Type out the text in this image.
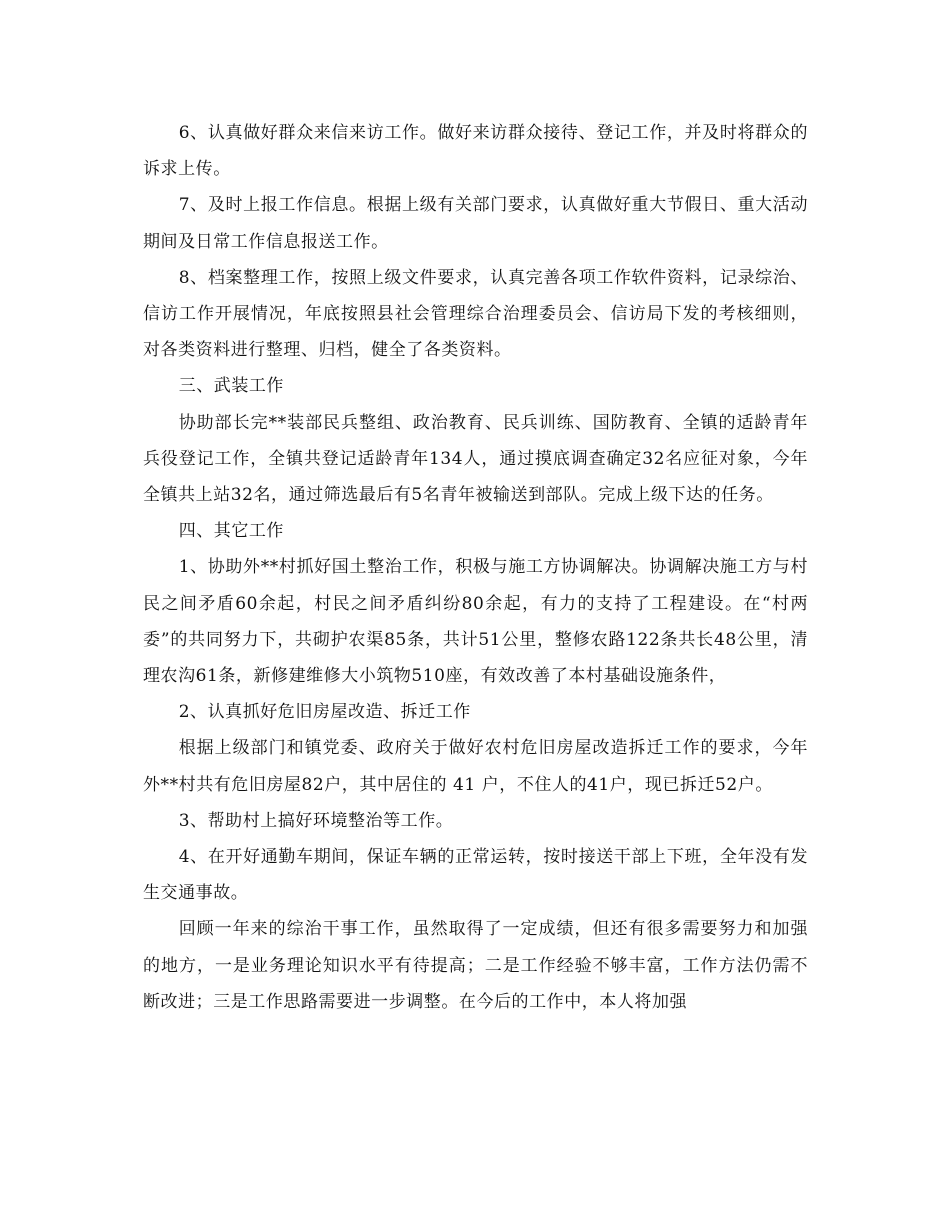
6、认真做好群众来信来访工作。做好来访群众接待、登记工作，并及时将群众的诉求上传。

7、及时上报工作信息。根据上级有关部门要求，认真做好重大节假日、重大活动期间及日常工作信息报送工作。

8、档案整理工作，按照上级文件要求，认真完善各项工作软件资料，记录综治、信访工作开展情况，年底按照县社会管理综合治理委员会、信访局下发的考核细则，对各类资料进行整理、归档，健全了各类资料。

三、武装工作

协助部长完**装部民兵整组、政治教育、民兵训练、国防教育、全镇的适龄青年兵役登记工作，全镇共登记适龄青年134人，通过摸底调查确定32名应征对象，今年全镇共上站32名，通过筛选最后有5名青年被输送到部队。完成上级下达的任务。

四、其它工作

1、协助外**村抓好国土整治工作，积极与施工方协调解决。协调解决施工方与村民之间矛盾60余起，村民之间矛盾纠纷80余起，有力的支持了工程建设。在“村两委”的共同努力下，共砌护农渠85条，共计51公里，整修农路122条共长48公里，清理农沟61条，新修建维修大小筑物510座，有效改善了本村基础设施条件，

2、认真抓好危旧房屋改造、拆迁工作

根据上级部门和镇党委、政府关于做好农村危旧房屋改造拆迁工作的要求，今年外**村共有危旧房屋82户，其中居住的 41 户，不住人的41户，现已拆迁52户。

3、帮助村上搞好环境整治等工作。

4、在开好通勤车期间，保证车辆的正常运转，按时接送干部上下班，全年没有发生交通事故。

回顾一年来的综治干事工作，虽然取得了一定成绩，但还有很多需要努力和加强的地方，一是业务理论知识水平有待提高；二是工作经验不够丰富，工作方法仍需不断改进；三是工作思路需要进一步调整。在今后的工作中，本人将加强
